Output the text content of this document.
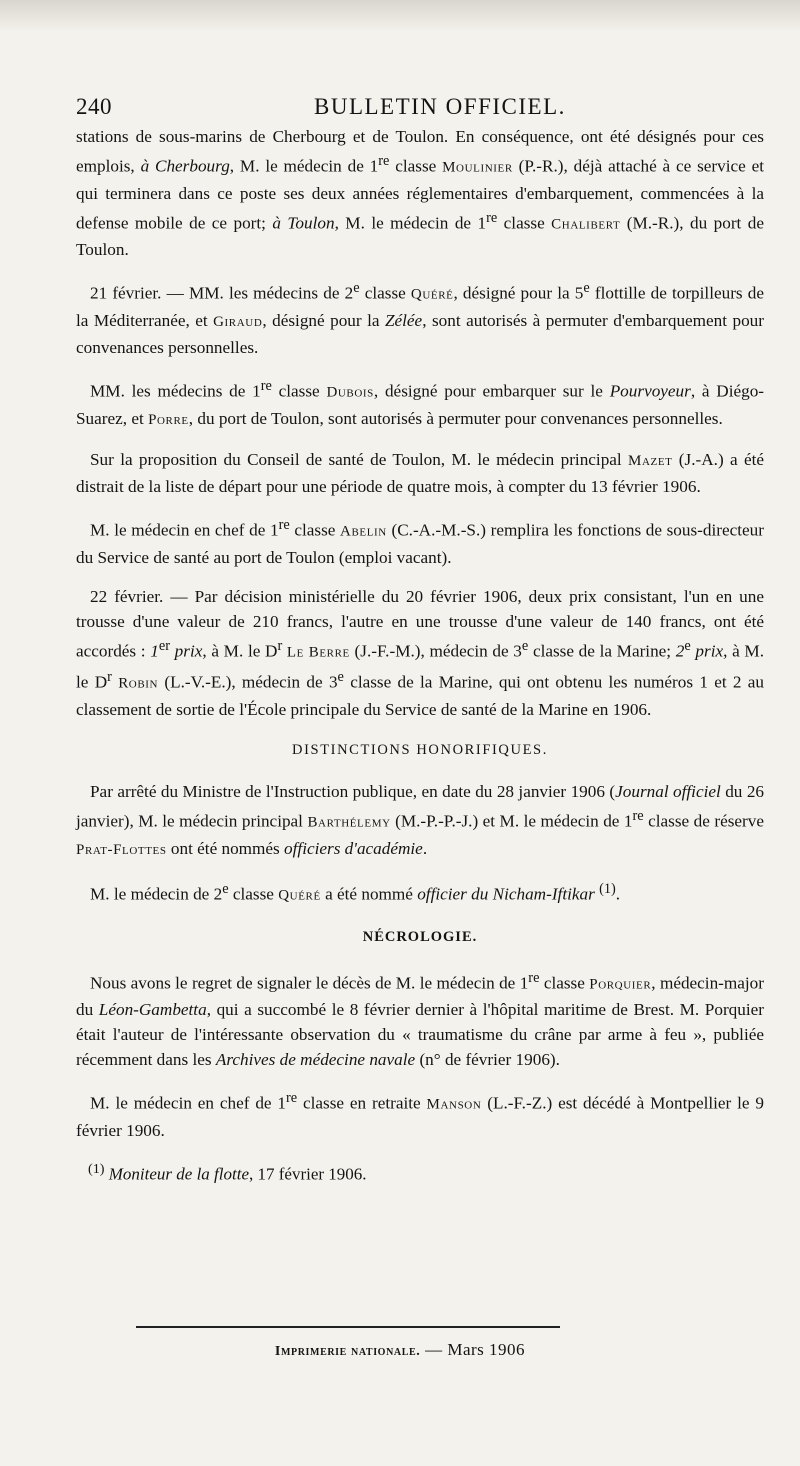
240	BULLETIN OFFICIEL.

stations de sous-marins de Cherbourg et de Toulon. En conséquence, ont été désignés pour ces emplois, à Cherbourg, M. le médecin de 1re classe Moulinier (P.-R.), déjà attaché à ce service et qui terminera dans ce poste ses deux années réglementaires d'embarquement, commencées à la defense mobile de ce port; à Toulon, M. le médecin de 1re classe Chalibert (M.-R.), du port de Toulon.

21 février. — MM. les médecins de 2e classe Quéré, désigné pour la 5e flottille de torpilleurs de la Méditerranée, et Giraud, désigné pour la Zélée, sont autorisés à permuter d'embarquement pour convenances personnelles.

MM. les médecins de 1re classe Dubois, désigné pour embarquer sur le Pourvoyeur, à Diégo-Suarez, et Porre, du port de Toulon, sont autorisés à permuter pour convenances personnelles.

Sur la proposition du Conseil de santé de Toulon, M. le médecin principal Mazet (J.-A.) a été distrait de la liste de départ pour une période de quatre mois, à compter du 13 février 1906.

M. le médecin en chef de 1re classe Abelin (C.-A.-M.-S.) remplira les fonctions de sous-directeur du Service de santé au port de Toulon (emploi vacant).

22 février. — Par décision ministérielle du 20 février 1906, deux prix consistant, l'un en une trousse d'une valeur de 210 francs, l'autre en une trousse d'une valeur de 140 francs, ont été accordés : 1er prix, à M. le $D^r$ Le Berre (J.-F.-M.), médecin de 3e classe de la Marine; 2e prix, à M. le $D^r$ Robin (L.-V.-E.), médecin de 3e classe de la Marine, qui ont obtenu les numéros 1 et 2 au classement de sortie de l'École principale du Service de santé de la Marine en 1906.

DISTINCTIONS HONORIFIQUES.

Par arrêté du Ministre de l'Instruction publique, en date du 28 janvier 1906 (Journal officiel du 26 janvier), M. le médecin principal Barthélemy (M.-P.-P.-J.) et M. le médecin de 1re classe de réserve Prat-Flottes ont été nommés officiers d'académie.

M. le médecin de 2e classe Quéré a été nommé officier du Nicham-Iftikar $^{(1)}$.

NÉCROLOGIE.

Nous avons le regret de signaler le décès de M. le médecin de 1re classe Porquier, médecin-major du Léon-Gambetta, qui a succombé le 8 février dernier à l'hôpital maritime de Brest. M. Porquier était l'auteur de l'intéressante observation du « traumatisme du crâne par arme à feu », publiée récemment dans les Archives de médecine navale (n° de février 1906).

M. le médecin en chef de 1re classe en retraite Manson (L.-F.-Z.) est décédé à Montpellier le 9 février 1906.

$^{(1)}$ Moniteur de la flotte, 17 février 1906.
Imprimerie nationale. — Mars 1906
